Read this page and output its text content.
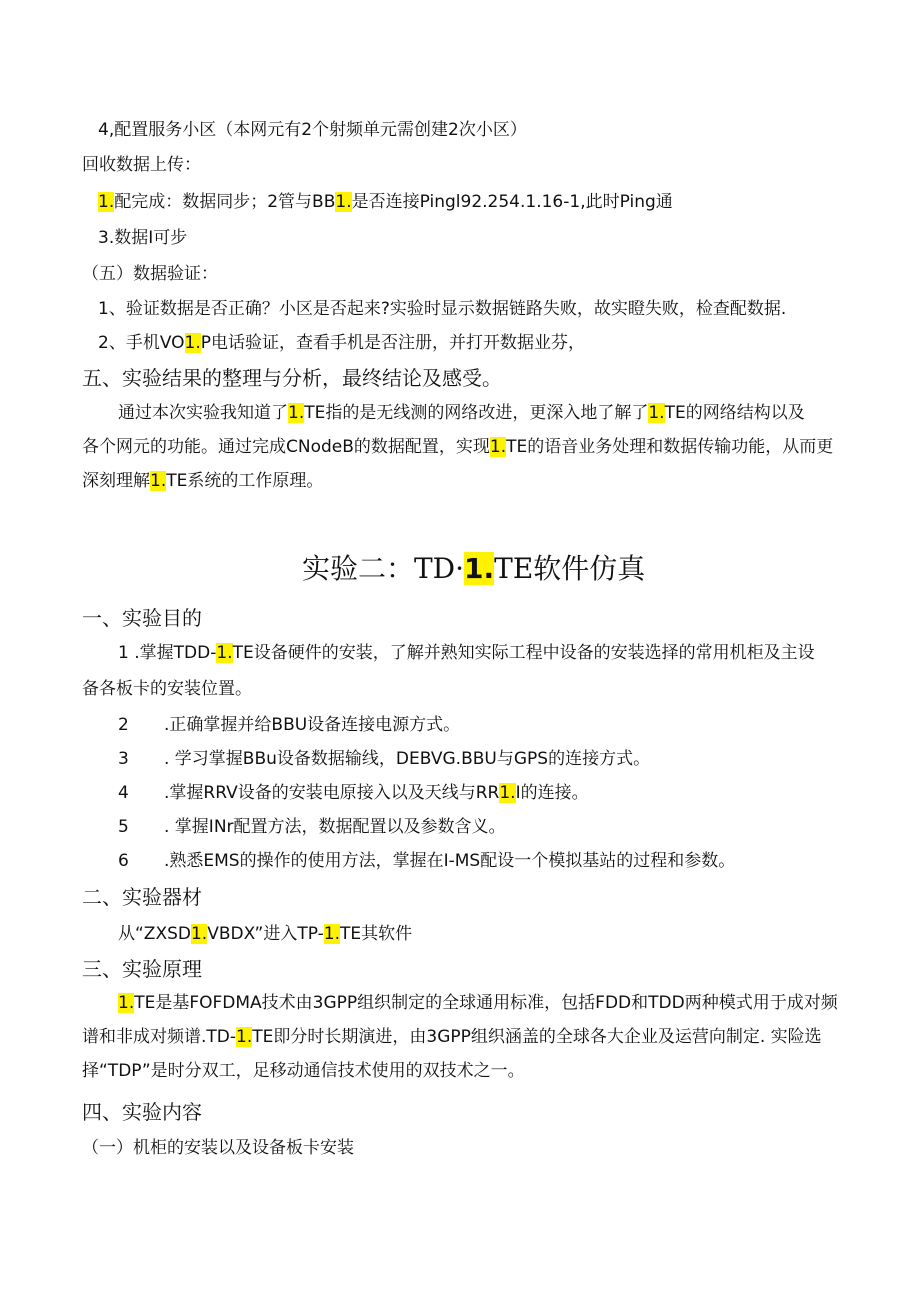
4,配置服务小区（本网元有2个射频单元需创建2次小区）
回收数据上传：
1.配完成：数据同步；2管与BB1.是否连接Pingl92.254.1.16-1,此时Ping通
3.数据I可步
（五）数据验证：
1、验证数据是否正确？小区是否起来?实验时显示数据链路失败，故实瞪失败，检查配数据.
2、手机VO1.P电话验证，查看手机是否注册，并打开数据业芬，
五、实验结果的整理与分析，最终结论及感受。
通过本次实验我知道了1.TE指的是无线测的网络改进，更深入地了解了1.TE的网络结构以及
各个网元的功能。通过完成CNodeB的数据配置，实现1.TE的语音业务处理和数据传输功能，从而更
深刻理解1.TE系统的工作原理。
实验二：TD·1.TE软件仿真
一、实验目的
1 .掌握TDD-1.TE设备硬件的安装，了解并熟知实际工程中设备的安装选择的常用机柜及主设
备各板卡的安装位置。
2 .正确掌握并给BBU设备连接电源方式。
3 . 学习掌握BBu设备数据输线，DEBVG.BBU与GPS的连接方式。
4 .掌握RRV设备的安装电原接入以及天线与RR1.I的连接。
5 . 掌握INr配置方法，数据配置以及参数含义。
6 .熟悉EMS的操作的使用方法，掌握在I-MS配设一个模拟基站的过程和参数。
二、实验器材
从“ZXSD1.VBDX”进入TP-1.TE其软件
三、实验原理
1.TE是基FOFDMA技术由3GPP组织制定的全球通用标准，包括FDD和TDD两种模式用于成对频
谱和非成对频谱.TD-1.TE即分时长期演进，由3GPP组织涵盖的全球各大企业及运营向制定. 实险选
择“TDP”是时分双工，足移动通信技术使用的双技术之一。
四、实验内容
（一）机柜的安装以及设备板卡安装
